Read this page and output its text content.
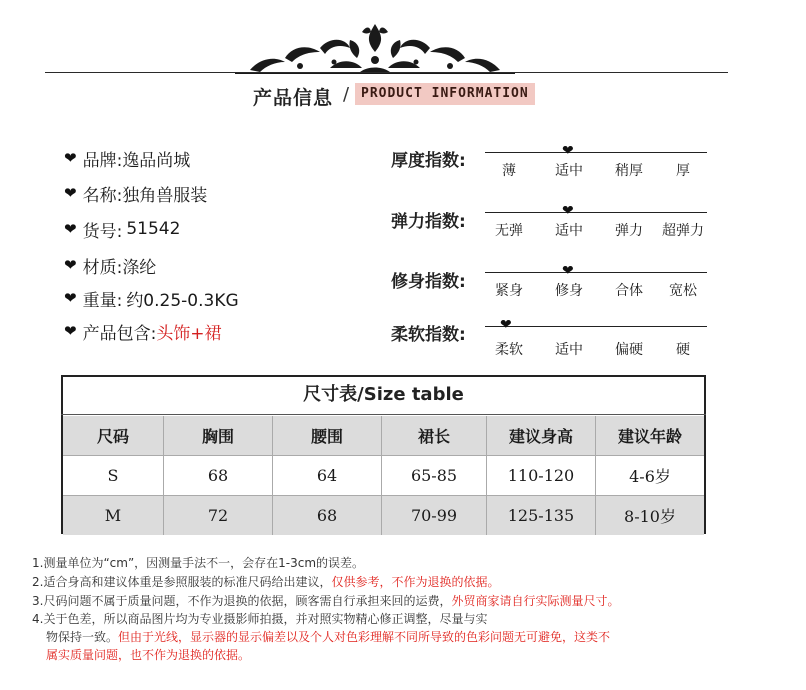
产品信息 / PRODUCT INFORMATION
❤ 品牌: 逸品尚城
❤ 名称: 独角兽服装
❤ 货号: 51542
❤ 材质: 涤纶
❤ 重量: 约0.25-0.3KG
❤ 产品包含: 头饰+裙
厚度指数:	❤
薄	适中	稍厚	厚
弹力指数:
❤
无弹	适中	弹力	超弹力
修身指数:
❤
紧身	修身	合体	宽松
柔软指数: ❤
柔软	适中	偏硬	硬
尺寸表/Size table
尺码	胸围	腰围	裙长	建议身高	建议年龄
S	68	64	65-85	110-120	4-6岁
M	72	68	70-99	125-135	8-10岁
1.测量单位为“cm”，因测量手法不一，会存在1-3cm的误差。
2.适合身高和建议体重是参照服装的标准尺码给出建议，仅供参考，不作为退换的依据。
3.尺码问题不属于质量问题，不作为退换的依据，顾客需自行承担来回的运费，外贸商家请自行实际测量尺寸。
4.关于色差，所以商品图片均为专业摄影师拍摄，并对照实物精心修正调整，尽量与实
物保持一致。但由于光线，显示器的显示偏差以及个人对色彩理解不同所导致的色彩问题无可避免，这类不
属实质量问题，也不作为退换的依据。
